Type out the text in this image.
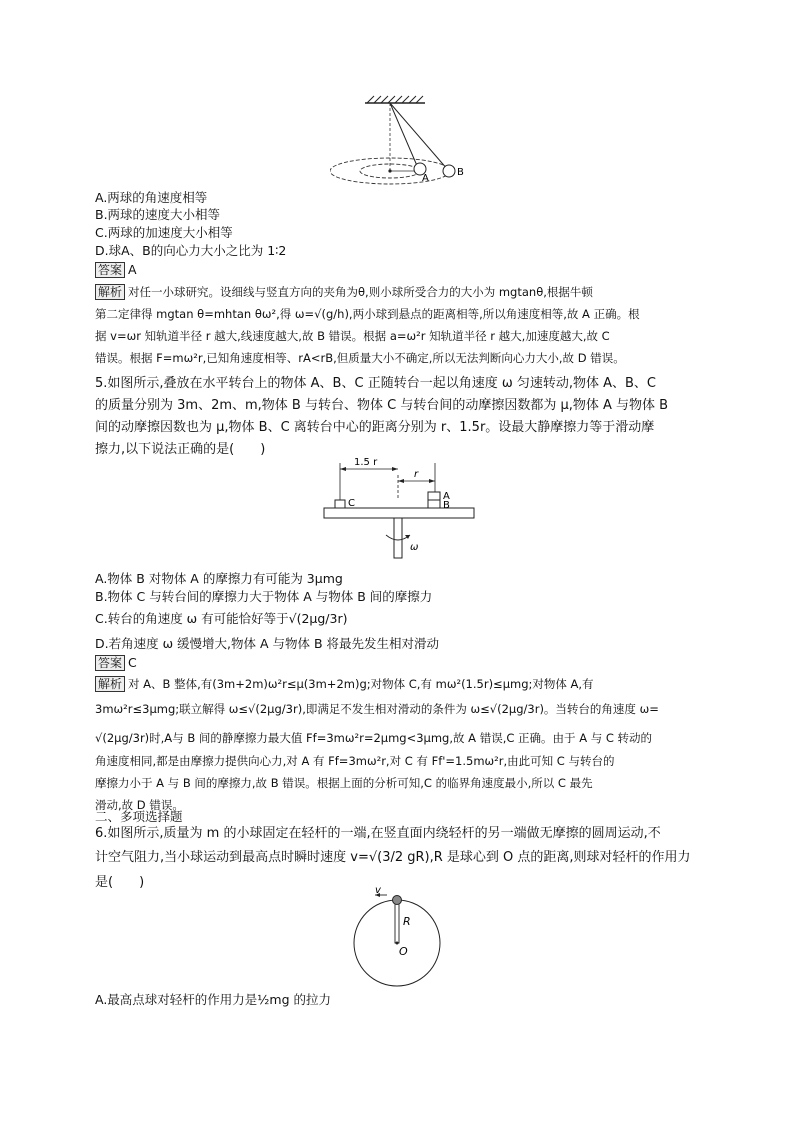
A
B
A.两球的角速度相等
B.两球的速度大小相等
C.两球的加速度大小相等
D.球A、B的向心力大小之比为 1∶2
答案 A
解析 对任一小球研究。设细线与竖直方向的夹角为θ,则小球所受合力的大小为 mgtanθ,根据牛顿
第二定律得 mgtan θ=mhtan θω²,得 ω=√(g/h),两小球到悬点的距离相等,所以角速度相等,故 A 正确。根
据 v=ωr 知轨道半径 r 越大,线速度越大,故 B 错误。根据 a=ω²r 知轨道半径 r 越大,加速度越大,故 C
错误。根据 F=mω²r,已知角速度相等、rA<rB,但质量大小不确定,所以无法判断向心力大小,故 D 错误。
5.如图所示,叠放在水平转台上的物体 A、B、C 正随转台一起以角速度 ω 匀速转动,物体 A、B、C
的质量分别为 3m、2m、m,物体 B 与转台、物体 C 与转台间的动摩擦因数都为 μ,物体 A 与物体 B
间的动摩擦因数也为 μ,物体 B、C 离转台中心的距离分别为 r、1.5r。设最大静摩擦力等于滑动摩
擦力,以下说法正确的是(　　)
1.5 r
r
C
A
B
ω
A.物体 B 对物体 A 的摩擦力有可能为 3μmg
B.物体 C 与转台间的摩擦力大于物体 A 与物体 B 间的摩擦力
C.转台的角速度 ω 有可能恰好等于√(2μg/3r)
D.若角速度 ω 缓慢增大,物体 A 与物体 B 将最先发生相对滑动
答案 C
解析 对 A、B 整体,有(3m+2m)ω²r≤μ(3m+2m)g;对物体 C,有 mω²(1.5r)≤μmg;对物体 A,有
3mω²r≤3μmg;联立解得 ω≤√(2μg/3r),即满足不发生相对滑动的条件为 ω≤√(2μg/3r)。当转台的角速度 ω=
√(2μg/3r)时,A与 B 间的静摩擦力最大值 Ff=3mω²r=2μmg<3μmg,故 A 错误,C 正确。由于 A 与 C 转动的
角速度相同,都是由摩擦力提供向心力,对 A 有 Ff=3mω²r,对 C 有 Ff'=1.5mω²r,由此可知 C 与转台的
摩擦力小于 A 与 B 间的摩擦力,故 B 错误。根据上面的分析可知,C 的临界角速度最小,所以 C 最先
滑动,故 D 错误。
二、多项选择题
6.如图所示,质量为 m 的小球固定在轻杆的一端,在竖直面内绕轻杆的另一端做无摩擦的圆周运动,不
计空气阻力,当小球运动到最高点时瞬时速度 v=√(3/2 gR),R 是球心到 O 点的距离,则球对轻杆的作用力
是(　　)
v
R
O
A.最高点球对轻杆的作用力是½mg 的拉力
